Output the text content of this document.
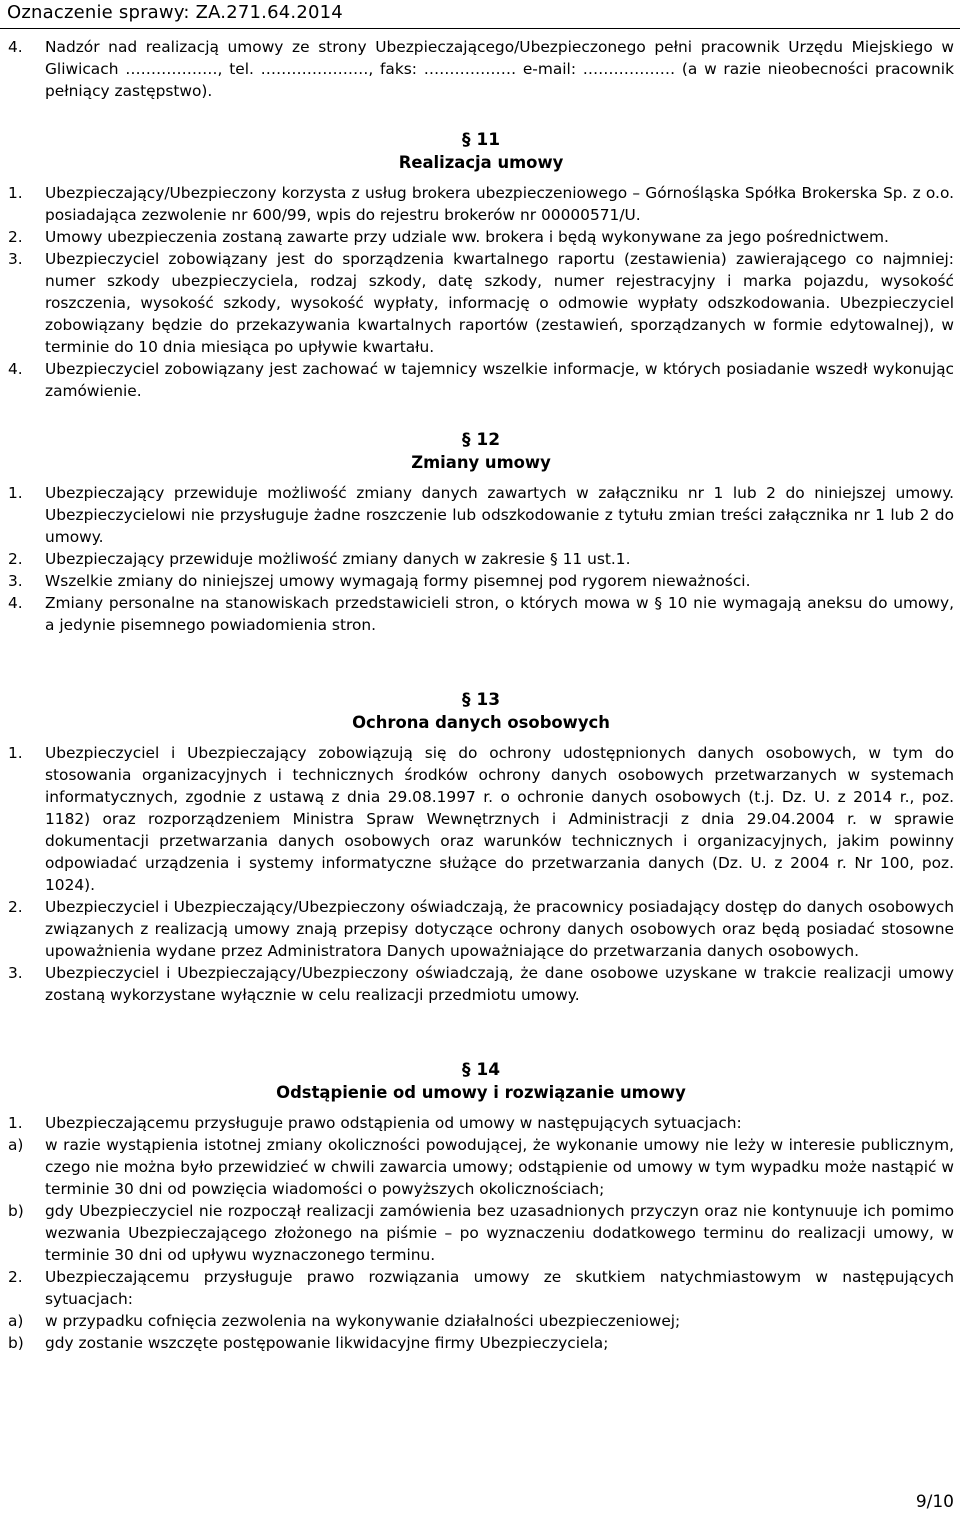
Oznaczenie sprawy: ZA.271.64.2014
4.	Nadzór nad realizacją umowy ze strony Ubezpieczającego/Ubezpieczonego pełni pracownik Urzędu Miejskiego w Gliwicach ………………, tel. …………………, faks: ……………… e-mail: ……………… (a w razie nieobecności pracownik pełniący zastępstwo).
§ 11
Realizacja umowy
1.	Ubezpieczający/Ubezpieczony korzysta z usług brokera ubezpieczeniowego – Górnośląska Spółka Brokerska Sp. z o.o. posiadająca zezwolenie nr 600/99, wpis do rejestru brokerów nr 00000571/U.
2.	Umowy ubezpieczenia zostaną zawarte przy udziale ww. brokera i będą wykonywane za jego pośrednictwem.
3.	Ubezpieczyciel zobowiązany jest do sporządzenia kwartalnego raportu (zestawienia) zawierającego co najmniej: numer szkody ubezpieczyciela, rodzaj szkody, datę szkody, numer rejestracyjny i marka pojazdu, wysokość roszczenia, wysokość szkody, wysokość wypłaty, informację o odmowie wypłaty odszkodowania. Ubezpieczyciel zobowiązany będzie do przekazywania kwartalnych raportów (zestawień, sporządzanych w formie edytowalnej), w terminie do 10 dnia miesiąca po upływie kwartału.
4.	Ubezpieczyciel zobowiązany jest zachować w tajemnicy wszelkie informacje, w których posiadanie wszedł wykonując zamówienie.
§ 12
Zmiany umowy
1.	Ubezpieczający przewiduje możliwość zmiany danych zawartych w załączniku nr 1 lub 2 do niniejszej umowy. Ubezpieczycielowi nie przysługuje żadne roszczenie lub odszkodowanie z tytułu zmian treści załącznika nr 1 lub 2 do umowy.
2.	Ubezpieczający przewiduje możliwość zmiany danych w zakresie § 11 ust.1.
3.	Wszelkie zmiany do niniejszej umowy wymagają formy pisemnej pod rygorem nieważności.
4.	Zmiany personalne na stanowiskach przedstawicieli stron, o których mowa w § 10 nie wymagają aneksu do umowy, a jedynie pisemnego powiadomienia stron.
§ 13
Ochrona danych osobowych
1.	Ubezpieczyciel i Ubezpieczający zobowiązują się do ochrony udostępnionych danych osobowych, w tym do stosowania organizacyjnych i technicznych środków ochrony danych osobowych przetwarzanych w systemach informatycznych, zgodnie z ustawą z dnia 29.08.1997 r. o ochronie danych osobowych (t.j. Dz. U. z 2014 r., poz. 1182) oraz rozporządzeniem Ministra Spraw Wewnętrznych i Administracji z dnia 29.04.2004 r. w sprawie dokumentacji przetwarzania danych osobowych oraz warunków technicznych i organizacyjnych, jakim powinny odpowiadać urządzenia i systemy informatyczne służące do przetwarzania danych (Dz. U. z 2004 r. Nr 100, poz. 1024).
2.	Ubezpieczyciel i Ubezpieczający/Ubezpieczony oświadczają, że pracownicy posiadający dostęp do danych osobowych związanych z realizacją umowy znają przepisy dotyczące ochrony danych osobowych oraz będą posiadać stosowne upoważnienia wydane przez Administratora Danych upoważniające do przetwarzania danych osobowych.
3.	Ubezpieczyciel i Ubezpieczający/Ubezpieczony oświadczają, że dane osobowe uzyskane w trakcie realizacji umowy zostaną wykorzystane wyłącznie w celu realizacji przedmiotu umowy.
§ 14
Odstąpienie od umowy i rozwiązanie umowy
1.	Ubezpieczającemu przysługuje prawo odstąpienia od umowy w następujących sytuacjach:
a)	w razie wystąpienia istotnej zmiany okoliczności powodującej, że wykonanie umowy nie leży w interesie publicznym, czego nie można było przewidzieć w chwili zawarcia umowy; odstąpienie od umowy w tym wypadku może nastąpić w terminie 30 dni od powzięcia wiadomości o powyższych okolicznościach;
b)	gdy Ubezpieczyciel nie rozpoczął realizacji zamówienia bez uzasadnionych przyczyn oraz nie kontynuuje ich pomimo wezwania Ubezpieczającego złożonego na piśmie – po wyznaczeniu dodatkowego terminu do realizacji umowy, w terminie 30 dni od upływu wyznaczonego terminu.
2.	Ubezpieczającemu przysługuje prawo rozwiązania umowy ze skutkiem natychmiastowym w następujących sytuacjach:
a)	w przypadku cofnięcia zezwolenia na wykonywanie działalności ubezpieczeniowej;
b)	gdy zostanie wszczęte postępowanie likwidacyjne firmy Ubezpieczyciela;
9/10
